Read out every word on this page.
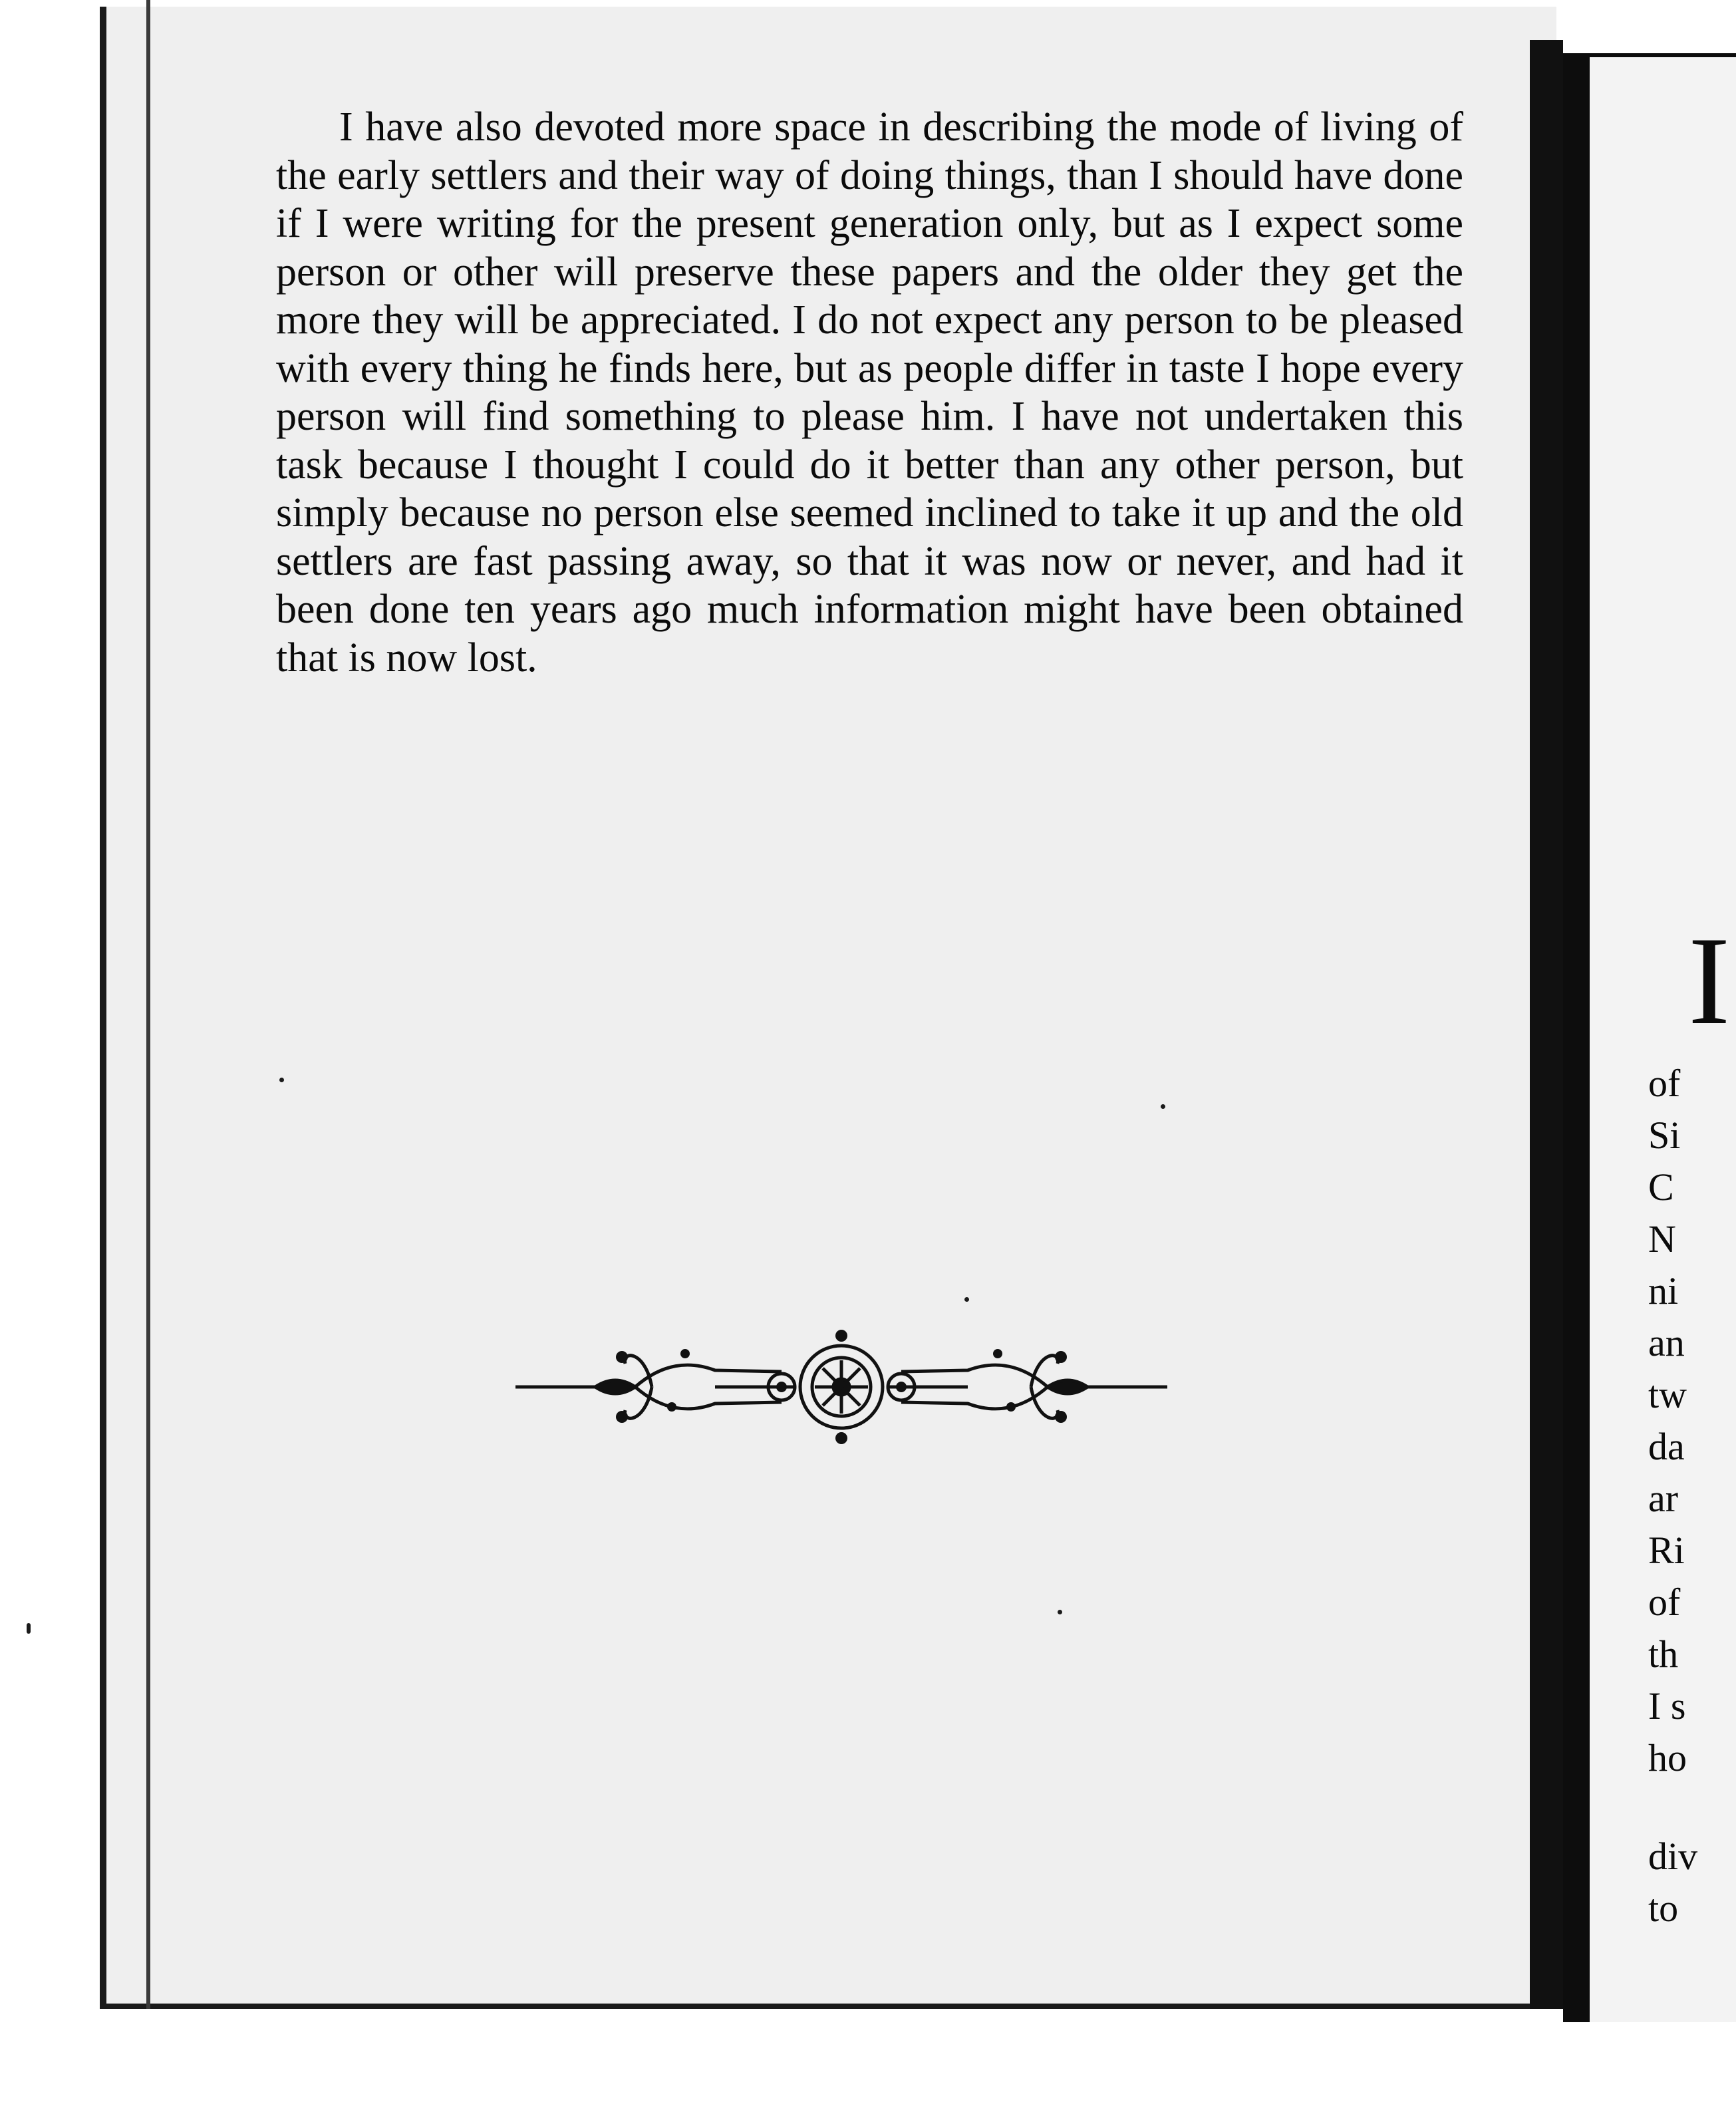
I have also devoted more space in describing the mode of living of the early settlers and their way of doing things, than I should have done if I were writing for the present generation only, but as I expect some person or other will preserve these papers and the older they get the more they will be appreciated. I do not expect any person to be pleased with every thing he finds here, but as people differ in taste I hope every person will find something to please him. I have not undertaken this task because I thought I could do it better than any other person, but simply because no person else seemed inclined to take it up and the old settlers are fast passing away, so that it was now or never, and had it been done ten years ago much information might have been obtained that is now lost.

I
of
Si
C
N
ni
an
tw
da
ar
Ri
of
th
I s
ho
div
to
